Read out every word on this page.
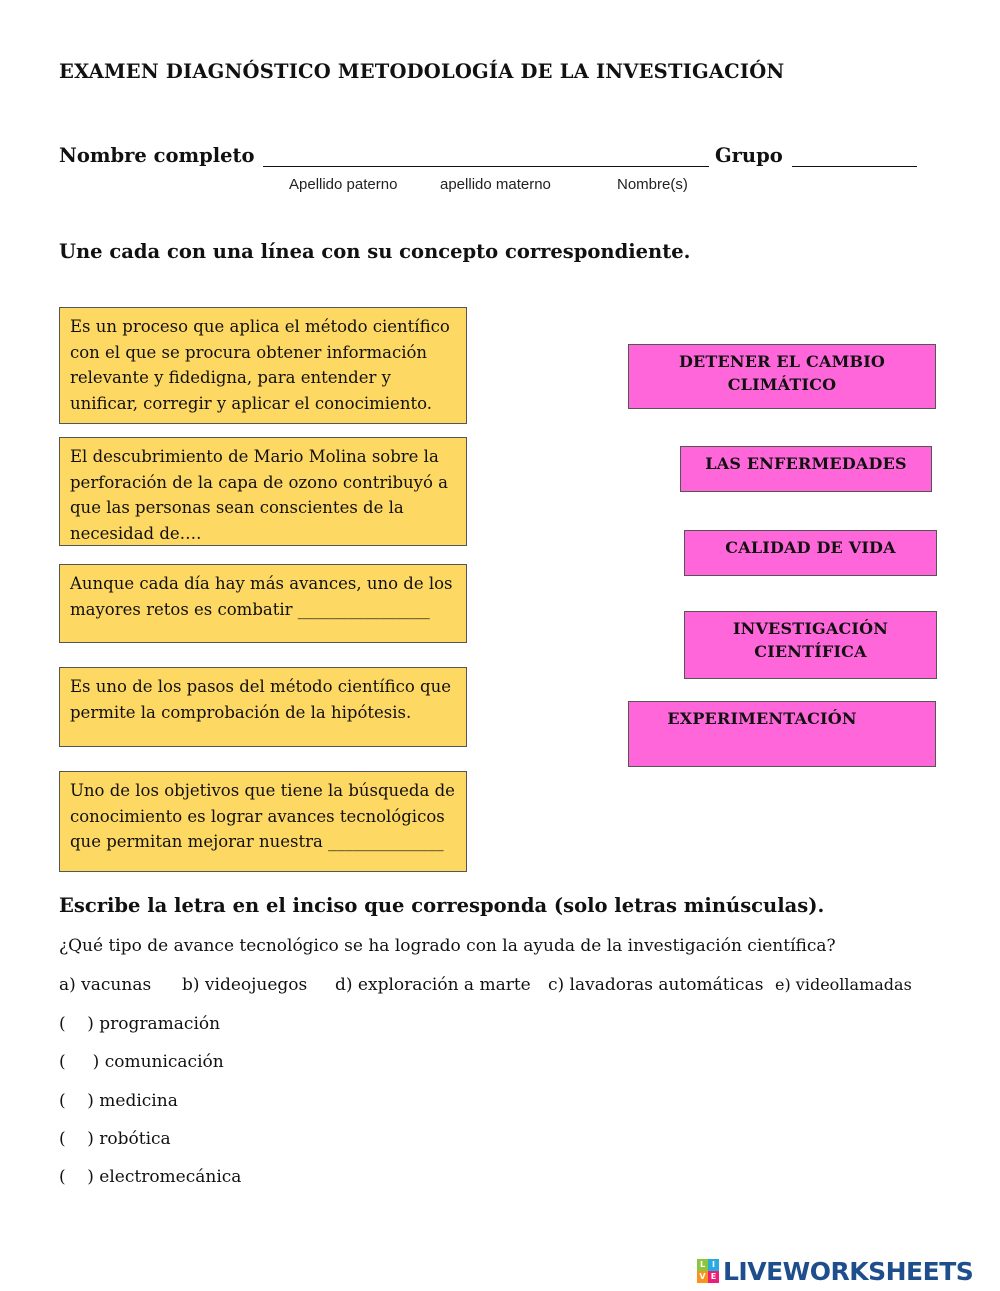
EXAMEN DIAGNÓSTICO METODOLOGÍA DE LA INVESTIGACIÓN
Nombre completo	Grupo
Apellido paterno	apellido materno	Nombre(s)
Une cada con una línea con su concepto correspondiente.
Es un proceso que aplica el método científico con el que se procura obtener información relevante y fidedigna, para entender y unificar, corregir y aplicar el conocimiento.
El descubrimiento de Mario Molina sobre la perforación de la capa de ozono contribuyó a que las personas sean conscientes de la necesidad de….
Aunque cada día hay más avances, uno de los mayores retos es combatir ________________
Es uno de los pasos del método científico que permite la comprobación de la hipótesis.
Uno de los objetivos que tiene la búsqueda de conocimiento es lograr avances tecnológicos que permitan mejorar nuestra ______________
DETENER EL CAMBIO CLIMÁTICO
LAS ENFERMEDADES
CALIDAD DE VIDA
INVESTIGACIÓN CIENTÍFICA
EXPERIMENTACIÓN
Escribe la letra en el inciso que corresponda (solo letras minúsculas).
¿Qué tipo de avance tecnológico se ha logrado con la ayuda de la investigación científica?
a) vacunas b) videojuegos d) exploración a marte c) lavadoras automáticas e) videollamadas
(    ) programación
(     ) comunicación
(    ) medicina
(    ) robótica
(    ) electromecánica
L I
V E LIVEWORKSHEETS
